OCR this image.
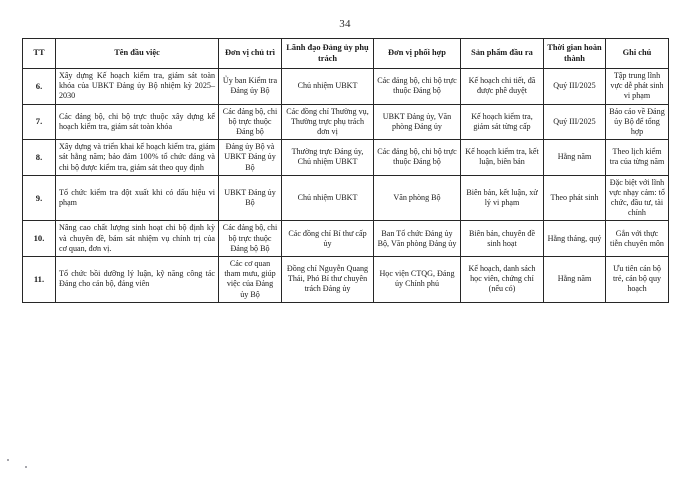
34
TT	Tên đầu việc	Đơn vị chủ trì	Lãnh đạo Đảng ủy phụ trách	Đơn vị phối hợp	Sản phẩm đầu ra	Thời gian hoàn thành	Ghi chú
6.	Xây dựng Kế hoạch kiểm tra, giám sát toàn khóa của UBKT Đảng ủy Bộ nhiệm kỳ 2025–2030	Ủy ban Kiểm tra Đảng ủy Bộ	Chủ nhiệm UBKT	Các đảng bộ, chi bộ trực thuộc Đảng bộ	Kế hoạch chi tiết, đã được phê duyệt	Quý III/2025	Tập trung lĩnh vực dễ phát sinh vi phạm
7.	Các đảng bộ, chi bộ trực thuộc xây dựng kế hoạch kiểm tra, giám sát toàn khóa	Các đảng bộ, chi bộ trực thuộc Đảng bộ	Các đồng chí Thường vụ, Thường trực phụ trách đơn vị	UBKT Đảng ủy, Văn phòng Đảng ủy	Kế hoạch kiểm tra, giám sát từng cấp	Quý III/2025	Báo cáo về Đảng ủy Bộ để tổng hợp
8.	Xây dựng và triển khai kế hoạch kiểm tra, giám sát hằng năm; bảo đảm 100% tổ chức đảng và chi bộ được kiểm tra, giám sát theo quy định	Đảng ủy Bộ và UBKT Đảng ủy Bộ	Thường trực Đảng ủy, Chủ nhiệm UBKT	Các đảng bộ, chi bộ trực thuộc Đảng bộ	Kế hoạch kiểm tra, kết luận, biên bản	Hằng năm	Theo lịch kiểm tra của từng năm
9.	Tổ chức kiểm tra đột xuất khi có dấu hiệu vi phạm	UBKT Đảng ủy Bộ	Chủ nhiệm UBKT	Văn phòng Bộ	Biên bản, kết luận, xử lý vi phạm	Theo phát sinh	Đặc biệt với lĩnh vực nhạy cảm: tổ chức, đầu tư, tài chính
10.	Nâng cao chất lượng sinh hoạt chi bộ định kỳ và chuyên đề, bám sát nhiệm vụ chính trị của cơ quan, đơn vị.	Các đảng bộ, chi bộ trực thuộc Đảng bộ Bộ	Các đồng chí Bí thư cấp ủy	Ban Tổ chức Đảng ủy Bộ, Văn phòng Đảng ủy	Biên bản, chuyên đề sinh hoạt	Hằng tháng, quý	Gắn với thực tiễn chuyên môn
11.	Tổ chức bồi dưỡng lý luận, kỹ năng công tác Đảng cho cán bộ, đảng viên	Các cơ quan tham mưu, giúp việc của Đảng ủy Bộ	Đồng chí Nguyễn Quang Thái, Phó Bí thư chuyên trách Đảng ủy	Học viện CTQG, Đảng ủy Chính phủ	Kế hoạch, danh sách học viên, chứng chỉ (nếu có)	Hằng năm	Ưu tiên cán bộ trẻ, cán bộ quy hoạch
